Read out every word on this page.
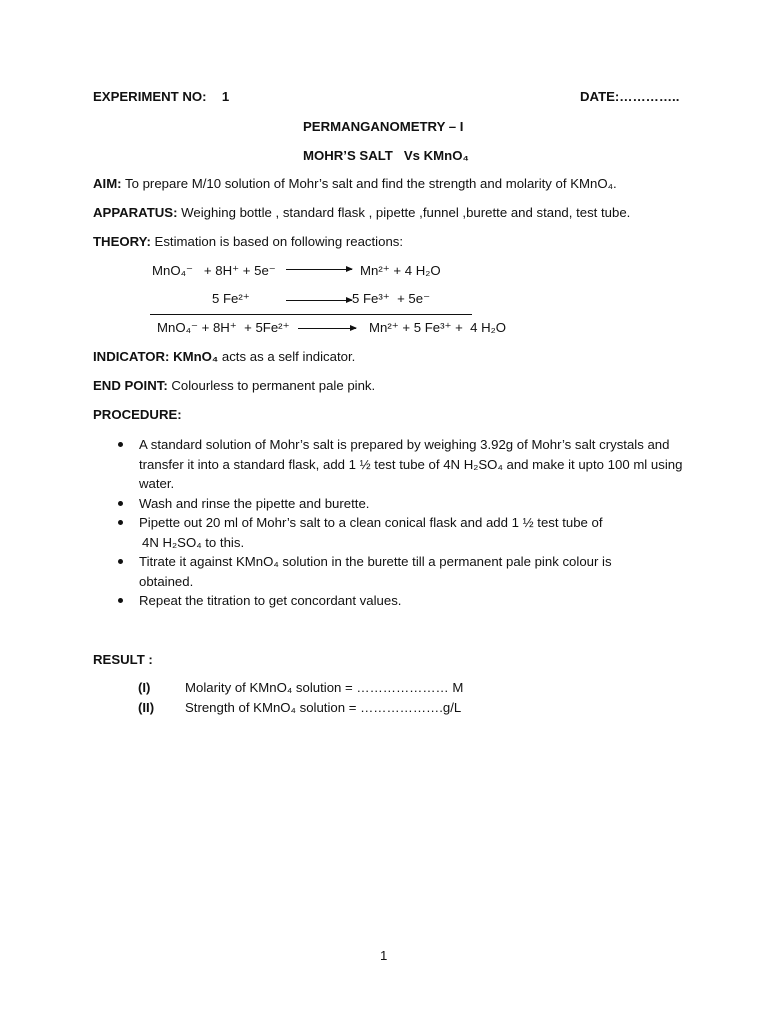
EXPERIMENT NO: 1	DATE:…………..
PERMANGANOMETRY – I
MOHR’S SALT   Vs KMnO₄
AIM: To prepare M/10 solution of Mohr’s salt and find the strength and molarity of KMnO₄.
APPARATUS: Weighing bottle , standard flask , pipette ,funnel ,burette and stand, test tube.
THEORY: Estimation is based on following reactions:
MnO₄⁻   + 8H⁺ + 5e⁻	Mn²⁺ + 4 H₂O
5 Fe²⁺	5 Fe³⁺  + 5e⁻
MnO₄⁻ + 8H⁺  + 5Fe²⁺	Mn²⁺ + 5 Fe³⁺ +  4 H₂O
INDICATOR: KMnO₄ acts as a self indicator.
END POINT: Colourless to permanent pale pink.
PROCEDURE:
A standard solution of Mohr’s salt is prepared by weighing 3.92g of Mohr’s salt crystals and transfer it into a standard flask, add 1 ½ test tube of 4N H₂SO₄ and make it upto 100 ml using water.
Wash and rinse the pipette and burette.
Pipette out 20 ml of Mohr’s salt to a clean conical flask and add 1 ½ test tube of
4N H₂SO₄ to this.
Titrate it against KMnO₄ solution in the burette till a permanent pale pink colour is obtained.
Repeat the titration to get concordant values.
RESULT :
(I)	Molarity of KMnO₄ solution = ………………… M
(II) Strength of KMnO₄ solution = ……………….g/L
1
